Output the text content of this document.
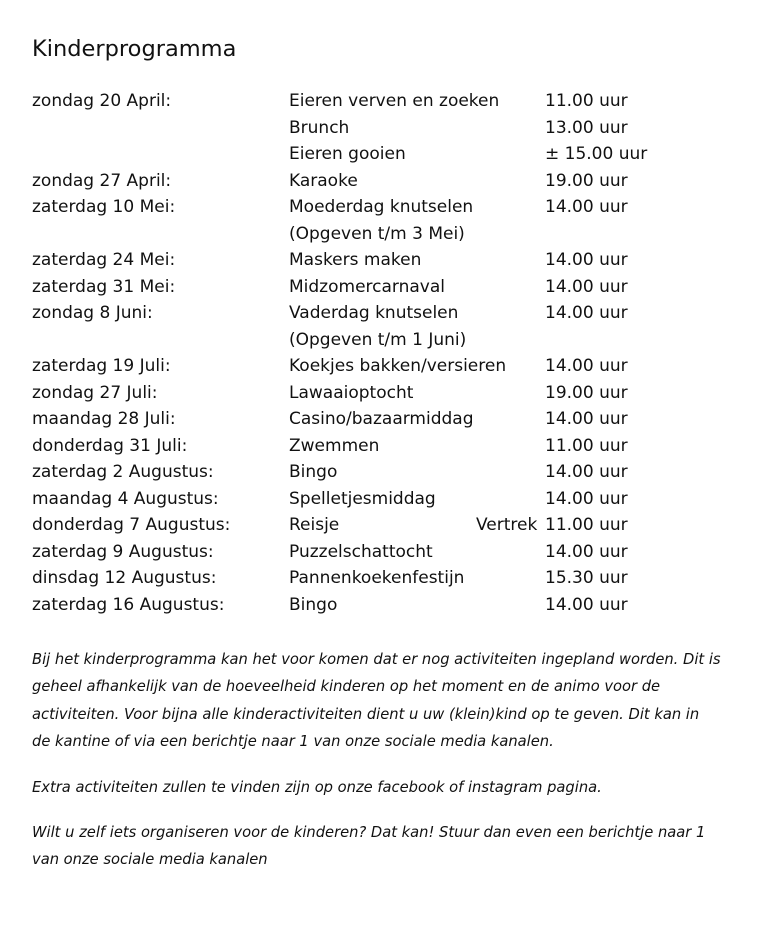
Kinderprogramma
zondag 20 April:	Eieren verven en zoeken	11.00 uur
Brunch	13.00 uur
Eieren gooien	± 15.00 uur
zondag 27 April:	Karaoke	19.00 uur
zaterdag 10 Mei:	Moederdag knutselen	14.00 uur
(Opgeven t/m 3 Mei)
zaterdag 24 Mei:	Maskers maken	14.00 uur
zaterdag 31 Mei:	Midzomercarnaval	14.00 uur
zondag 8 Juni:	Vaderdag knutselen	14.00 uur
(Opgeven t/m 1 Juni)
zaterdag 19 Juli:	Koekjes bakken/versieren 14.00 uur
zondag 27 Juli:	Lawaaioptocht	19.00 uur
maandag 28 Juli:	Casino/bazaarmiddag	14.00 uur
donderdag 31 Juli:	Zwemmen	11.00 uur
zaterdag 2 Augustus:	Bingo	14.00 uur
maandag 4 Augustus:	Spelletjesmiddag	14.00 uur
donderdag 7 Augustus:	Reisje	Vertrek 11.00 uur
zaterdag 9 Augustus:	Puzzelschattocht	14.00 uur
dinsdag 12 Augustus:	Pannenkoekenfestijn	15.30 uur
zaterdag 16 Augustus:	Bingo	14.00 uur

Bij het kinderprogramma kan het voor komen dat er nog activiteiten ingepland worden. Dit is geheel afhankelijk van de hoeveelheid kinderen op het moment en de animo voor de activiteiten. Voor bijna alle kinderactiviteiten dient u uw (klein)kind op te geven. Dit kan in de kantine of via een berichtje naar 1 van onze sociale media kanalen.

Extra activiteiten zullen te vinden zijn op onze facebook of instagram pagina.

Wilt u zelf iets organiseren voor de kinderen? Dat kan! Stuur dan even een berichtje naar 1 van onze sociale media kanalen
